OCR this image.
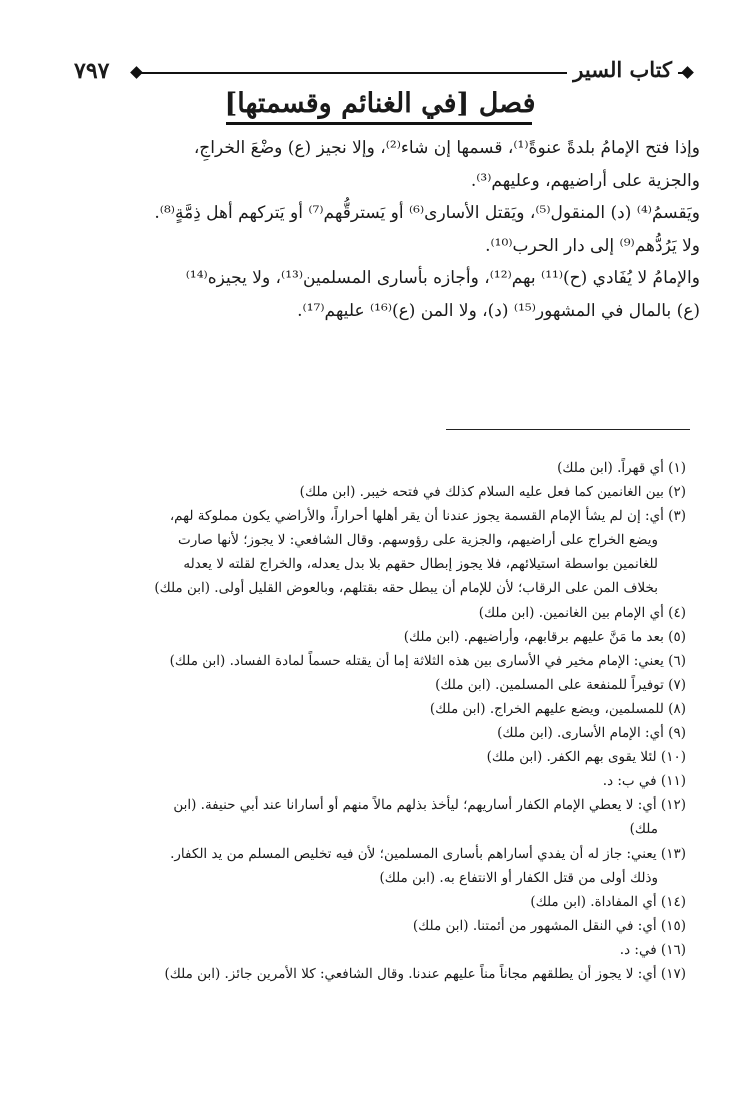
٧٩٧	كتاب السير
فصل [في الغنائم وقسمتها]
وإذا فتح الإمامُ بلدةً عنوةً⁽¹⁾، قسمها إن شاء⁽²⁾، وإلا نجيز (ع) وضْعَ الخراجِ،
والجزية على أراضيهم، وعليهم⁽³⁾.
ويَقسمُ⁽⁴⁾ (د) المنقول⁽⁵⁾، ويَقتل الأسارى⁽⁶⁾ أو يَسترقُّهم⁽⁷⁾ أو يَتركهم أهل ذِمَّةٍ⁽⁸⁾.
ولا يَرُدُّهم⁽⁹⁾ إلى دار الحرب⁽¹⁰⁾.
والإمامُ لا يُفَادي (ح)⁽¹¹⁾ بهم⁽¹²⁾، وأجازه بأسارى المسلمين⁽¹³⁾، ولا يجيزه⁽¹⁴⁾
(ع) بالمال في المشهور⁽¹⁵⁾ (د)، ولا المن (ع)⁽¹⁶⁾ عليهم⁽¹⁷⁾.
(١) أي قهراً. (ابن ملك)
(٢) بين الغانمين كما فعل عليه السلام كذلك في فتحه خيبر. (ابن ملك)
(٣) أي: إن لم يشأ الإمام القسمة يجوز عندنا أن يقر أهلها أحراراً، والأراضي يكون مملوكة لهم،
ويضع الخراج على أراضيهم، والجزية على رؤوسهم. وقال الشافعي: لا يجوز؛ لأنها صارت
للغانمين بواسطة استيلائهم، فلا يجوز إبطال حقهم بلا بدل يعدله، والخراج لقلته لا يعدله
بخلاف المن على الرقاب؛ لأن للإمام أن يبطل حقه بقتلهم، وبالعوض القليل أولى. (ابن ملك)
(٤) أي الإمام بين الغانمين. (ابن ملك)
(٥) بعد ما مَنَّ عليهم برقابهم، وأراضيهم. (ابن ملك)
(٦) يعني: الإمام مخير في الأسارى بين هذه الثلاثة إما أن يقتله حسماً لمادة الفساد. (ابن ملك)
(٧) توفيراً للمنفعة على المسلمين. (ابن ملك)
(٨) للمسلمين، ويضع عليهم الخراج. (ابن ملك)
(٩) أي: الإمام الأسارى. (ابن ملك)
(١٠) لئلا يقوى بهم الكفر. (ابن ملك)
(١١) في ب: د.
(١٢) أي: لا يعطي الإمام الكفار أساريهم؛ ليأخذ بذلهم مالاً منهم أو أسارانا عند أبي حنيفة. (ابن
ملك)
(١٣) يعني: جاز له أن يفدي أساراهم بأسارى المسلمين؛ لأن فيه تخليص المسلم من يد الكفار.
وذلك أولى من قتل الكفار أو الانتفاع به. (ابن ملك)
(١٤) أي المفاداة. (ابن ملك)
(١٥) أي: في النقل المشهور من أئمتنا. (ابن ملك)
(١٦) في: د.
(١٧) أي: لا يجوز أن يطلقهم مجاناً مناً عليهم عندنا. وقال الشافعي: كلا الأمرين جائز. (ابن ملك)
